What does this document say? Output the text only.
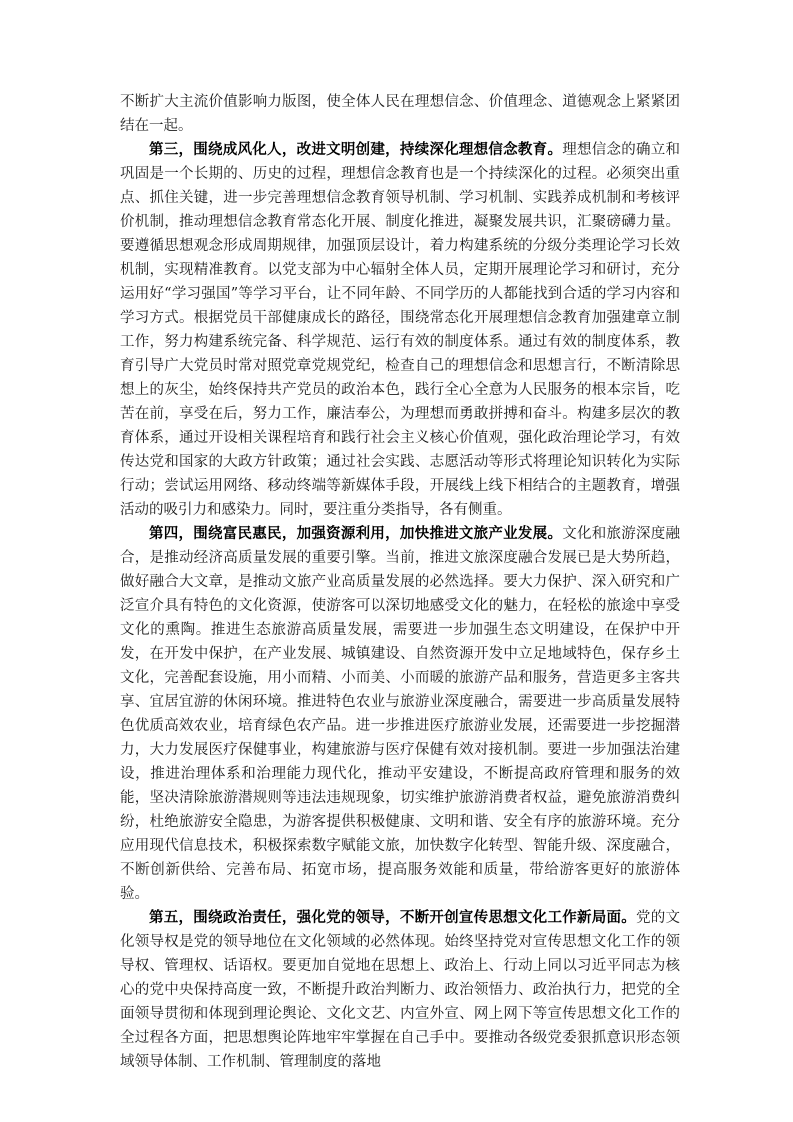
不断扩大主流价值影响力版图，使全体人民在理想信念、价值理念、道德观念上紧紧团结在一起。

第三，围绕成风化人，改进文明创建，持续深化理想信念教育。理想信念的确立和巩固是一个长期的、历史的过程，理想信念教育也是一个持续深化的过程。必须突出重点、抓住关键，进一步完善理想信念教育领导机制、学习机制、实践养成机制和考核评价机制，推动理想信念教育常态化开展、制度化推进，凝聚发展共识，汇聚磅礴力量。要遵循思想观念形成周期规律，加强顶层设计，着力构建系统的分级分类理论学习长效机制，实现精准教育。以党支部为中心辐射全体人员，定期开展理论学习和研讨，充分运用好“学习强国”等学习平台，让不同年龄、不同学历的人都能找到合适的学习内容和学习方式。根据党员干部健康成长的路径，围绕常态化开展理想信念教育加强建章立制工作，努力构建系统完备、科学规范、运行有效的制度体系。通过有效的制度体系，教育引导广大党员时常对照党章党规党纪，检查自己的理想信念和思想言行，不断清除思想上的灰尘，始终保持共产党员的政治本色，践行全心全意为人民服务的根本宗旨，吃苦在前，享受在后，努力工作，廉洁奉公，为理想而勇敢拼搏和奋斗。构建多层次的教育体系，通过开设相关课程培育和践行社会主义核心价值观，强化政治理论学习，有效传达党和国家的大政方针政策；通过社会实践、志愿活动等形式将理论知识转化为实际行动；尝试运用网络、移动终端等新媒体手段，开展线上线下相结合的主题教育，增强活动的吸引力和感染力。同时，要注重分类指导，各有侧重。

第四，围绕富民惠民，加强资源利用，加快推进文旅产业发展。文化和旅游深度融合，是推动经济高质量发展的重要引擎。当前，推进文旅深度融合发展已是大势所趋，做好融合大文章，是推动文旅产业高质量发展的必然选择。要大力保护、深入研究和广泛宣介具有特色的文化资源，使游客可以深切地感受文化的魅力，在轻松的旅途中享受文化的熏陶。推进生态旅游高质量发展，需要进一步加强生态文明建设，在保护中开发，在开发中保护，在产业发展、城镇建设、自然资源开发中立足地域特色，保存乡土文化，完善配套设施，用小而精、小而美、小而暖的旅游产品和服务，营造更多主客共享、宜居宜游的休闲环境。推进特色农业与旅游业深度融合，需要进一步高质量发展特色优质高效农业，培育绿色农产品。进一步推进医疗旅游业发展，还需要进一步挖掘潜力，大力发展医疗保健事业，构建旅游与医疗保健有效对接机制。要进一步加强法治建设，推进治理体系和治理能力现代化，推动平安建设，不断提高政府管理和服务的效能，坚决清除旅游潜规则等违法违规现象，切实维护旅游消费者权益，避免旅游消费纠纷，杜绝旅游安全隐患，为游客提供积极健康、文明和谐、安全有序的旅游环境。充分应用现代信息技术，积极探索数字赋能文旅，加快数字化转型、智能升级、深度融合，不断创新供给、完善布局、拓宽市场，提高服务效能和质量，带给游客更好的旅游体验。

第五，围绕政治责任，强化党的领导，不断开创宣传思想文化工作新局面。党的文化领导权是党的领导地位在文化领域的必然体现。始终坚持党对宣传思想文化工作的领导权、管理权、话语权。要更加自觉地在思想上、政治上、行动上同以习近平同志为核心的党中央保持高度一致，不断提升政治判断力、政治领悟力、政治执行力，把党的全面领导贯彻和体现到理论舆论、文化文艺、内宣外宣、网上网下等宣传思想文化工作的全过程各方面，把思想舆论阵地牢牢掌握在自己手中。要推动各级党委狠抓意识形态领域领导体制、工作机制、管理制度的落地
